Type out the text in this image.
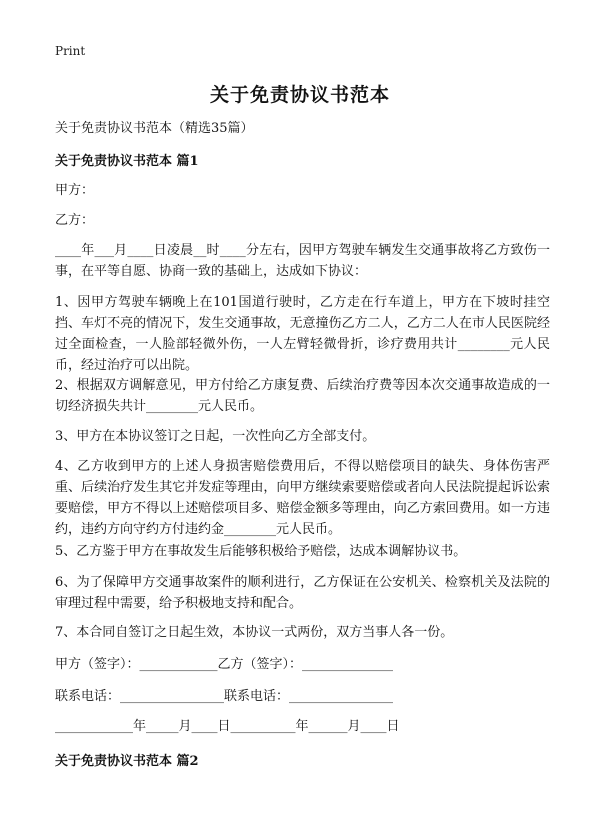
Print
关于免责协议书范本
关于免责协议书范本（精选35篇）
关于免责协议书范本 篇1
甲方：
乙方：
____年___月____日凌晨__时____分左右，因甲方驾驶车辆发生交通事故将乙方致伤一事，在平等自愿、协商一致的基础上，达成如下协议：
1、因甲方驾驶车辆晚上在101国道行驶时，乙方走在行车道上，甲方在下坡时挂空挡、车灯不亮的情况下，发生交通事故，无意撞伤乙方二人，乙方二人在市人民医院经过全面检查，一人脸部轻微外伤，一人左臂轻微骨折，诊疗费用共计________元人民币，经过治疗可以出院。
2、根据双方调解意见，甲方付给乙方康复费、后续治疗费等因本次交通事故造成的一切经济损失共计________元人民币。
3、甲方在本协议签订之日起，一次性向乙方全部支付。
4、乙方收到甲方的上述人身损害赔偿费用后，不得以赔偿项目的缺失、身体伤害严重、后续治疗发生其它并发症等理由，向甲方继续索要赔偿或者向人民法院提起诉讼索要赔偿，甲方不得以上述赔偿项目多、赔偿金额多等理由，向乙方索回费用。如一方违约，违约方向守约方付违约金________元人民币。
5、乙方鉴于甲方在事故发生后能够积极给予赔偿，达成本调解协议书。
6、为了保障甲方交通事故案件的顺利进行，乙方保证在公安机关、检察机关及法院的审理过程中需要，给予积极地支持和配合。
7、本合同自签订之日起生效，本协议一式两份，双方当事人各一份。
甲方（签字）：____________乙方（签字）：______________
联系电话：________________联系电话：________________
____________年_____月____日__________年______月____日
关于免责协议书范本 篇2
